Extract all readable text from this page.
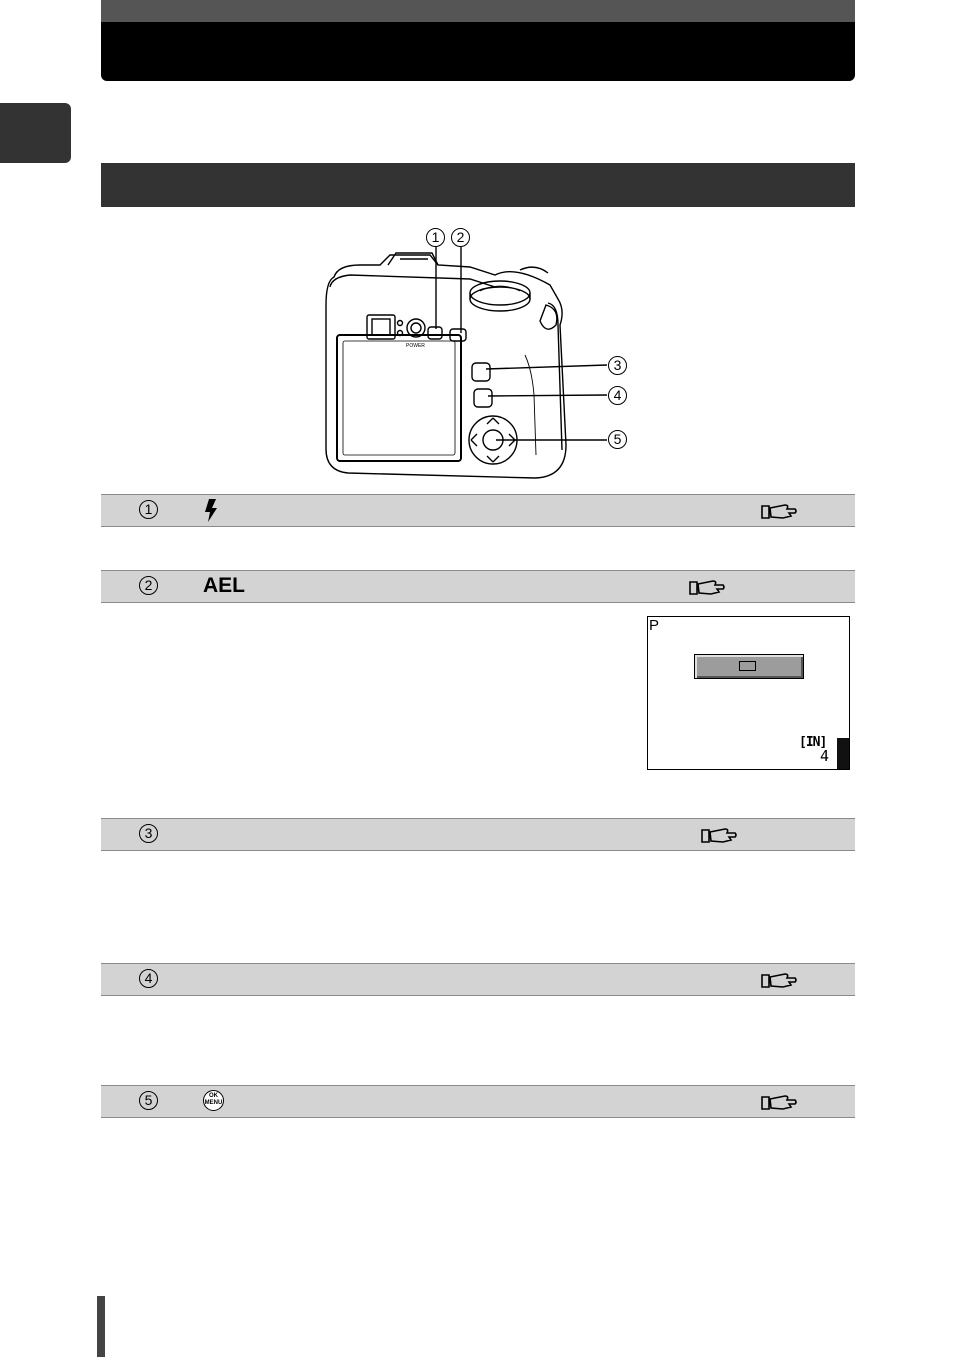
POWER
1	2
3
4
5
1
2 AEL
P
[IN]
4
3
4
5	OK
MENU
